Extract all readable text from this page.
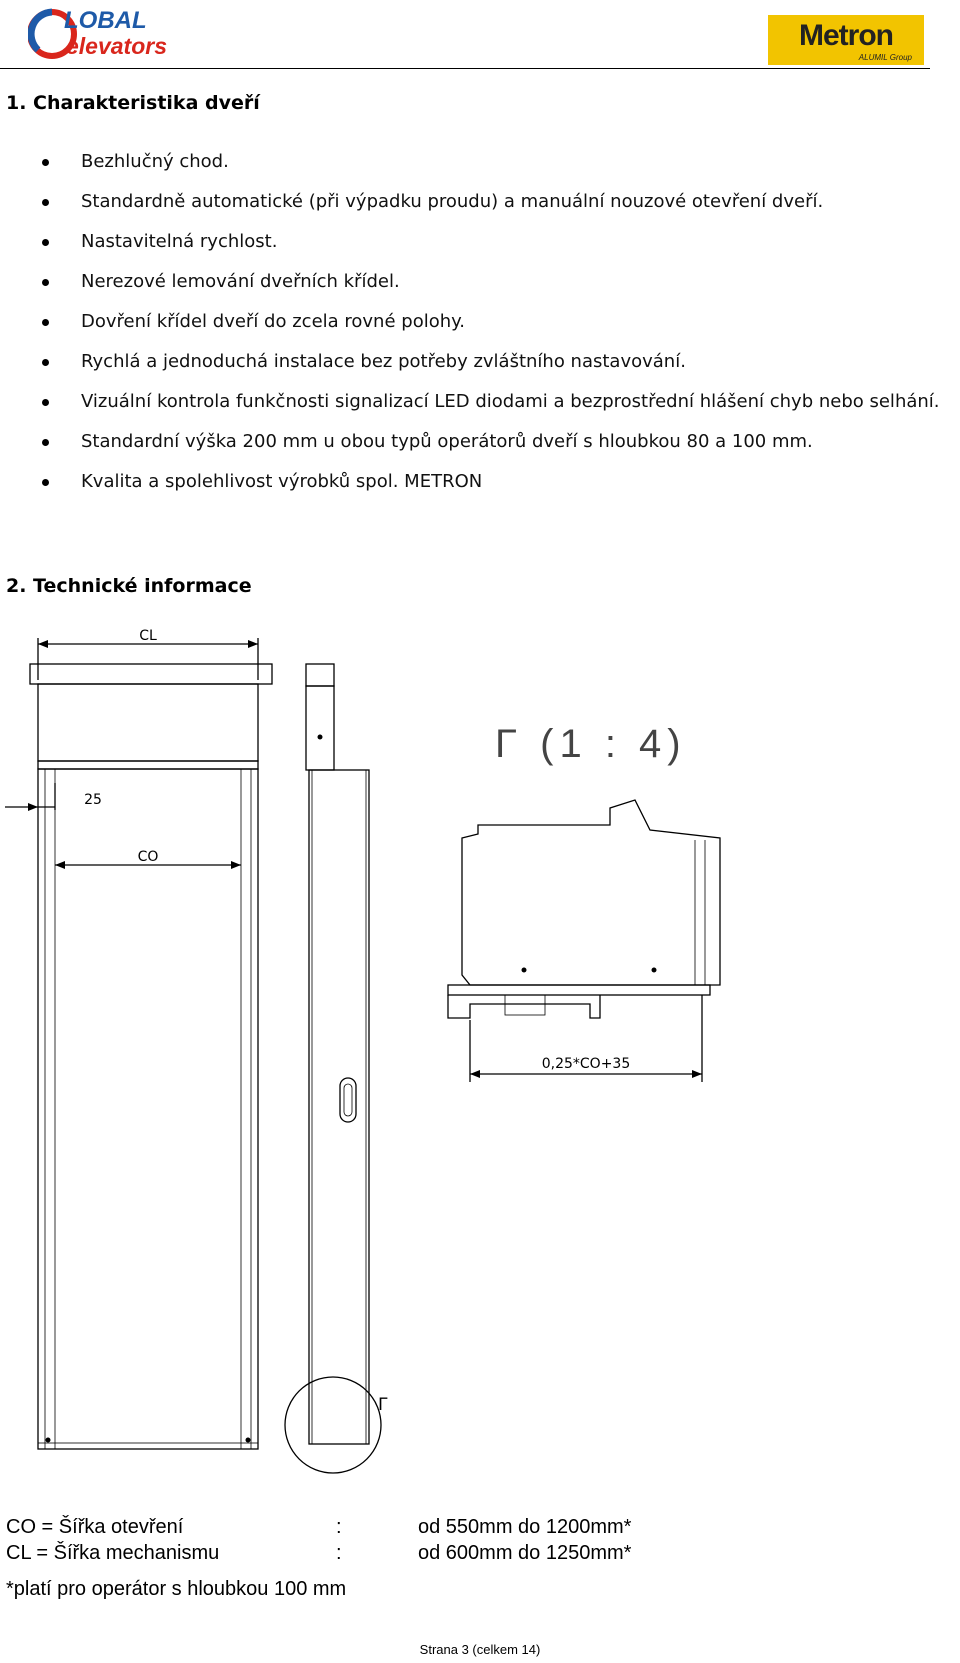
LOBAL
elevators	Metron
ALUMIL Group
1. Charakteristika dveří
Bezhlučný chod.
Standardně automatické (při výpadku proudu) a manuální nouzové otevření dveří.
Nastavitelná rychlost.
Nerezové lemování dveřních křídel.
Dovření křídel dveří do zcela rovné polohy.
Rychlá a jednoduchá instalace bez potřeby zvláštního nastavování.
Vizuální kontrola funkčnosti signalizací LED diodami a bezprostřední hlášení chyb nebo selhání.
Standardní výška 200 mm u obou typů operátorů dveří s hloubkou 80 a 100 mm.
Kvalita a spolehlivost výrobků spol. METRON
2. Technické informace
CL
25
CO
Γ (1 : 4)
Γ
0,25*CO+35
CO = Šířka otevření	:	od 550mm do 1200mm*
CL = Šířka mechanismu	:	od 600mm do 1250mm*
*platí pro operátor s hloubkou 100 mm
Strana 3 (celkem 14)
